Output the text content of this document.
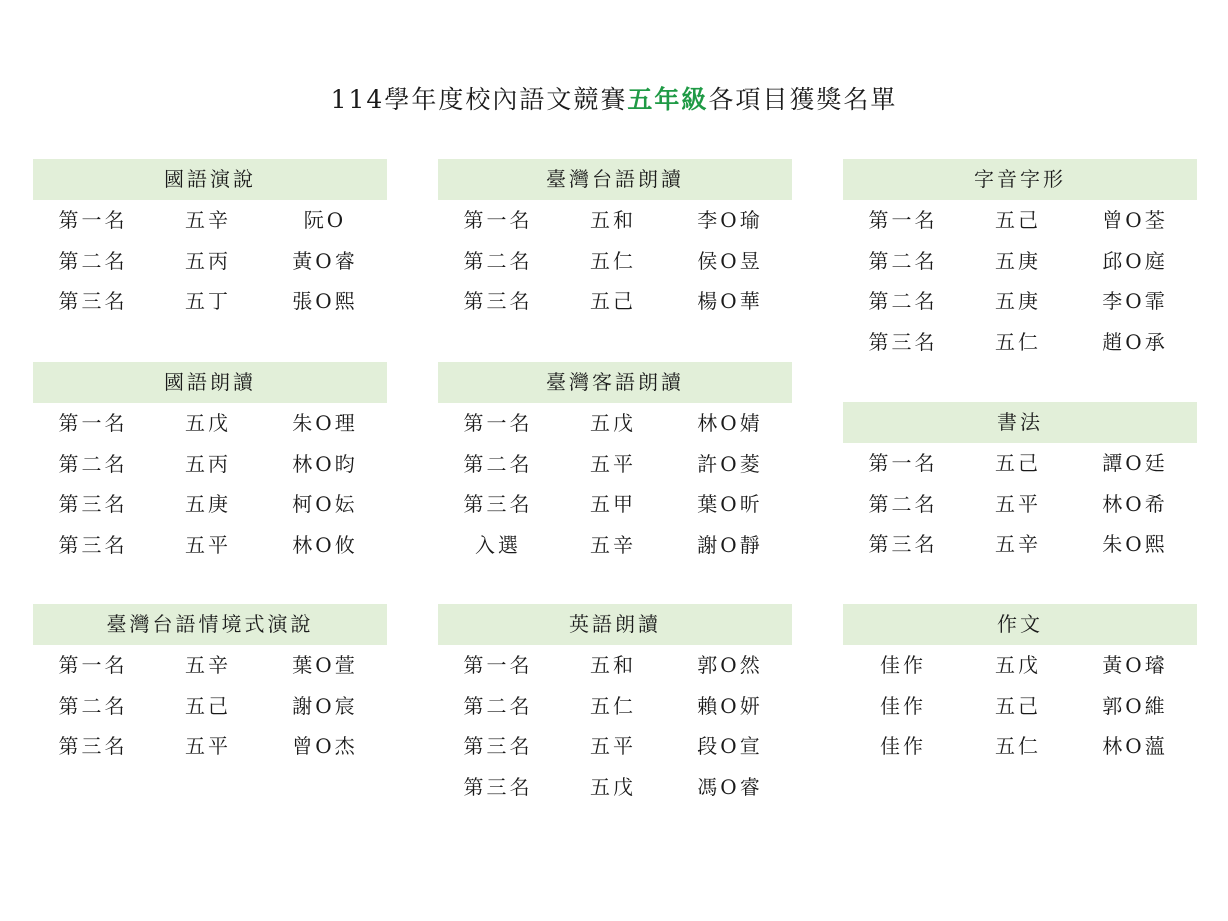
114學年度校內語文競賽五年級各項目獲獎名單
國語演說
第一名	五辛	阮O
第二名	五丙	黃O睿
第三名	五丁	張O熙
國語朗讀
第一名	五戊	朱O理
第二名	五丙	林O昀
第三名	五庚	柯O妘
第三名	五平	林O攸
臺灣台語情境式演說
第一名	五辛	葉O萱
第二名	五己	謝O宸
第三名	五平	曾O杰
臺灣台語朗讀
第一名	五和	李O瑜
第二名	五仁	侯O昱
第三名	五己	楊O華
臺灣客語朗讀
第一名	五戊	林O婧
第二名	五平	許O菱
第三名	五甲	葉O昕
入選	五辛	謝O靜
英語朗讀
第一名	五和	郭O然
第二名	五仁	賴O妍
第三名	五平	段O宣
第三名	五戊	馮O睿
字音字形
第一名	五己	曾O荃
第二名	五庚	邱O庭
第二名	五庚	李O霏
第三名	五仁	趙O承
書法
第一名	五己	譚O廷
第二名	五平	林O希
第三名	五辛	朱O熙
作文
佳作	五戊	黃O璿
佳作	五己	郭O維
佳作	五仁	林O薀
